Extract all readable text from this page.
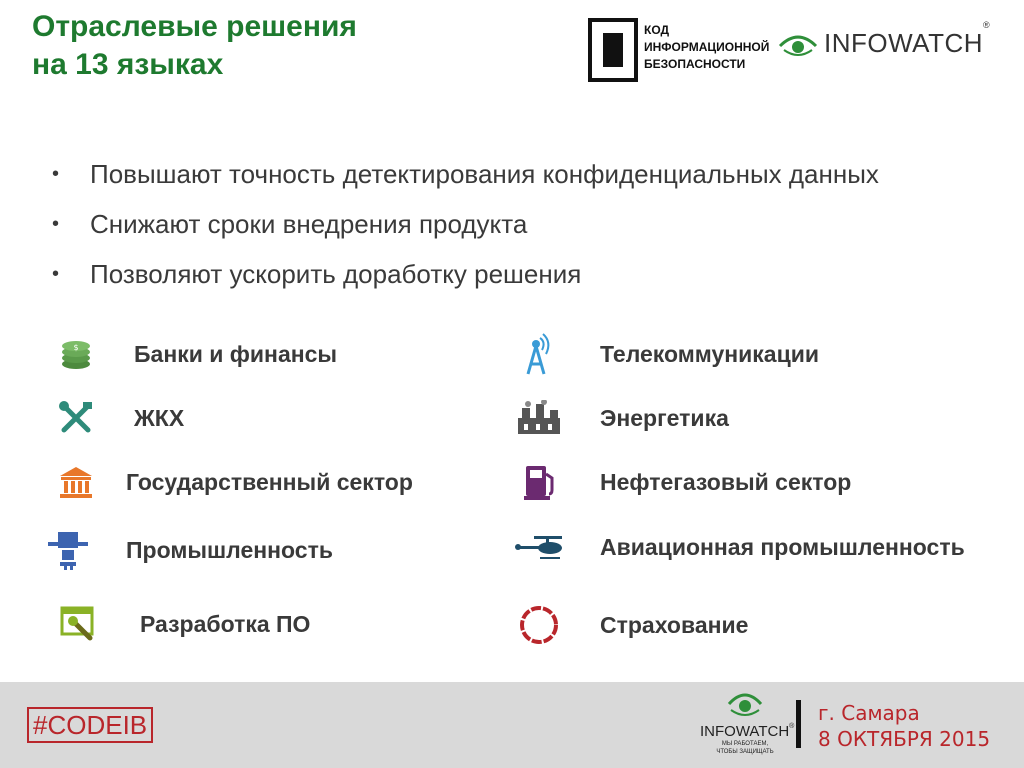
Отраслевые решения
на 13 языках
КОД
ИНФОРМАЦИОННОЙ
БЕЗОПАСНОСТИ
INFOWATCH®
•	Повышают точность детектирования конфиденциальных данных
•	Снижают сроки внедрения продукта
•	Позволяют ускорить доработку решения
$ Банки и финансы
ЖКХ
Государственный сектор
Промышленность
Разработка ПО
Телекоммуникации
Энергетика
Нефтегазовый сектор
Авиационная промышленность
Страхование
#CODEIB	INFOWATCH®
МЫ РАБОТАЕМ,
ЧТОБЫ ЗАЩИЩАТЬ
г. Самара
8 ОКТЯБРЯ 2015
